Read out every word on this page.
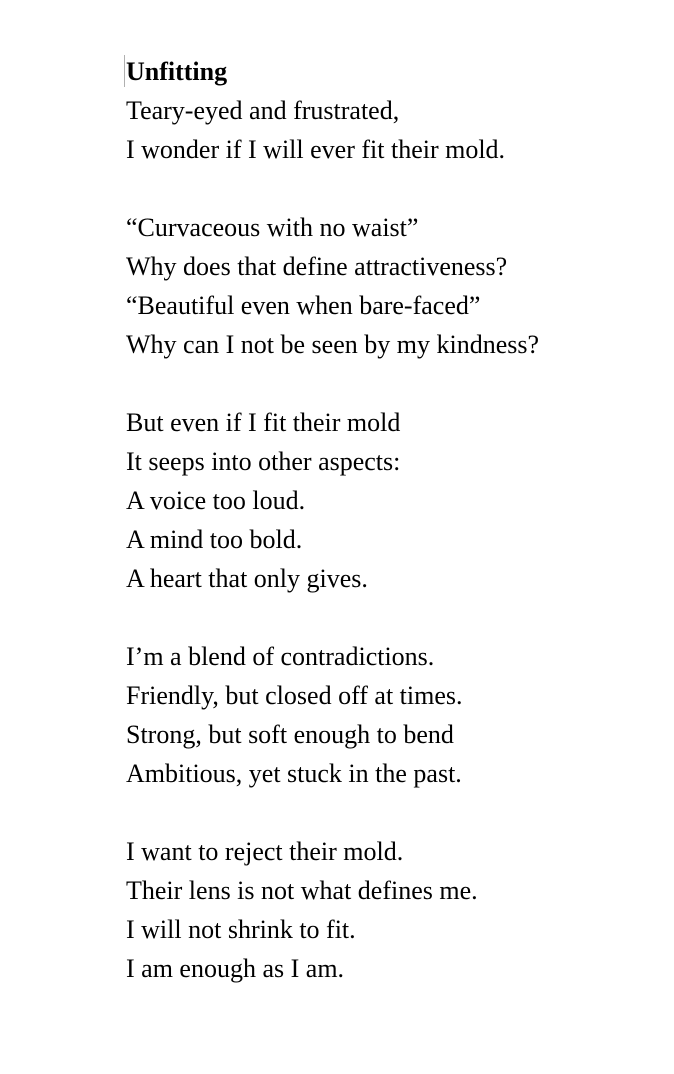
Unfitting
Teary-eyed and frustrated,
I wonder if I will ever fit their mold.
“Curvaceous with no waist”
Why does that define attractiveness?
“Beautiful even when bare-faced”
Why can I not be seen by my kindness?
But even if I fit their mold
It seeps into other aspects:
A voice too loud.
A mind too bold.
A heart that only gives.
I’m a blend of contradictions.
Friendly, but closed off at times.
Strong, but soft enough to bend
Ambitious, yet stuck in the past.
I want to reject their mold.
Their lens is not what defines me.
I will not shrink to fit.
I am enough as I am.
